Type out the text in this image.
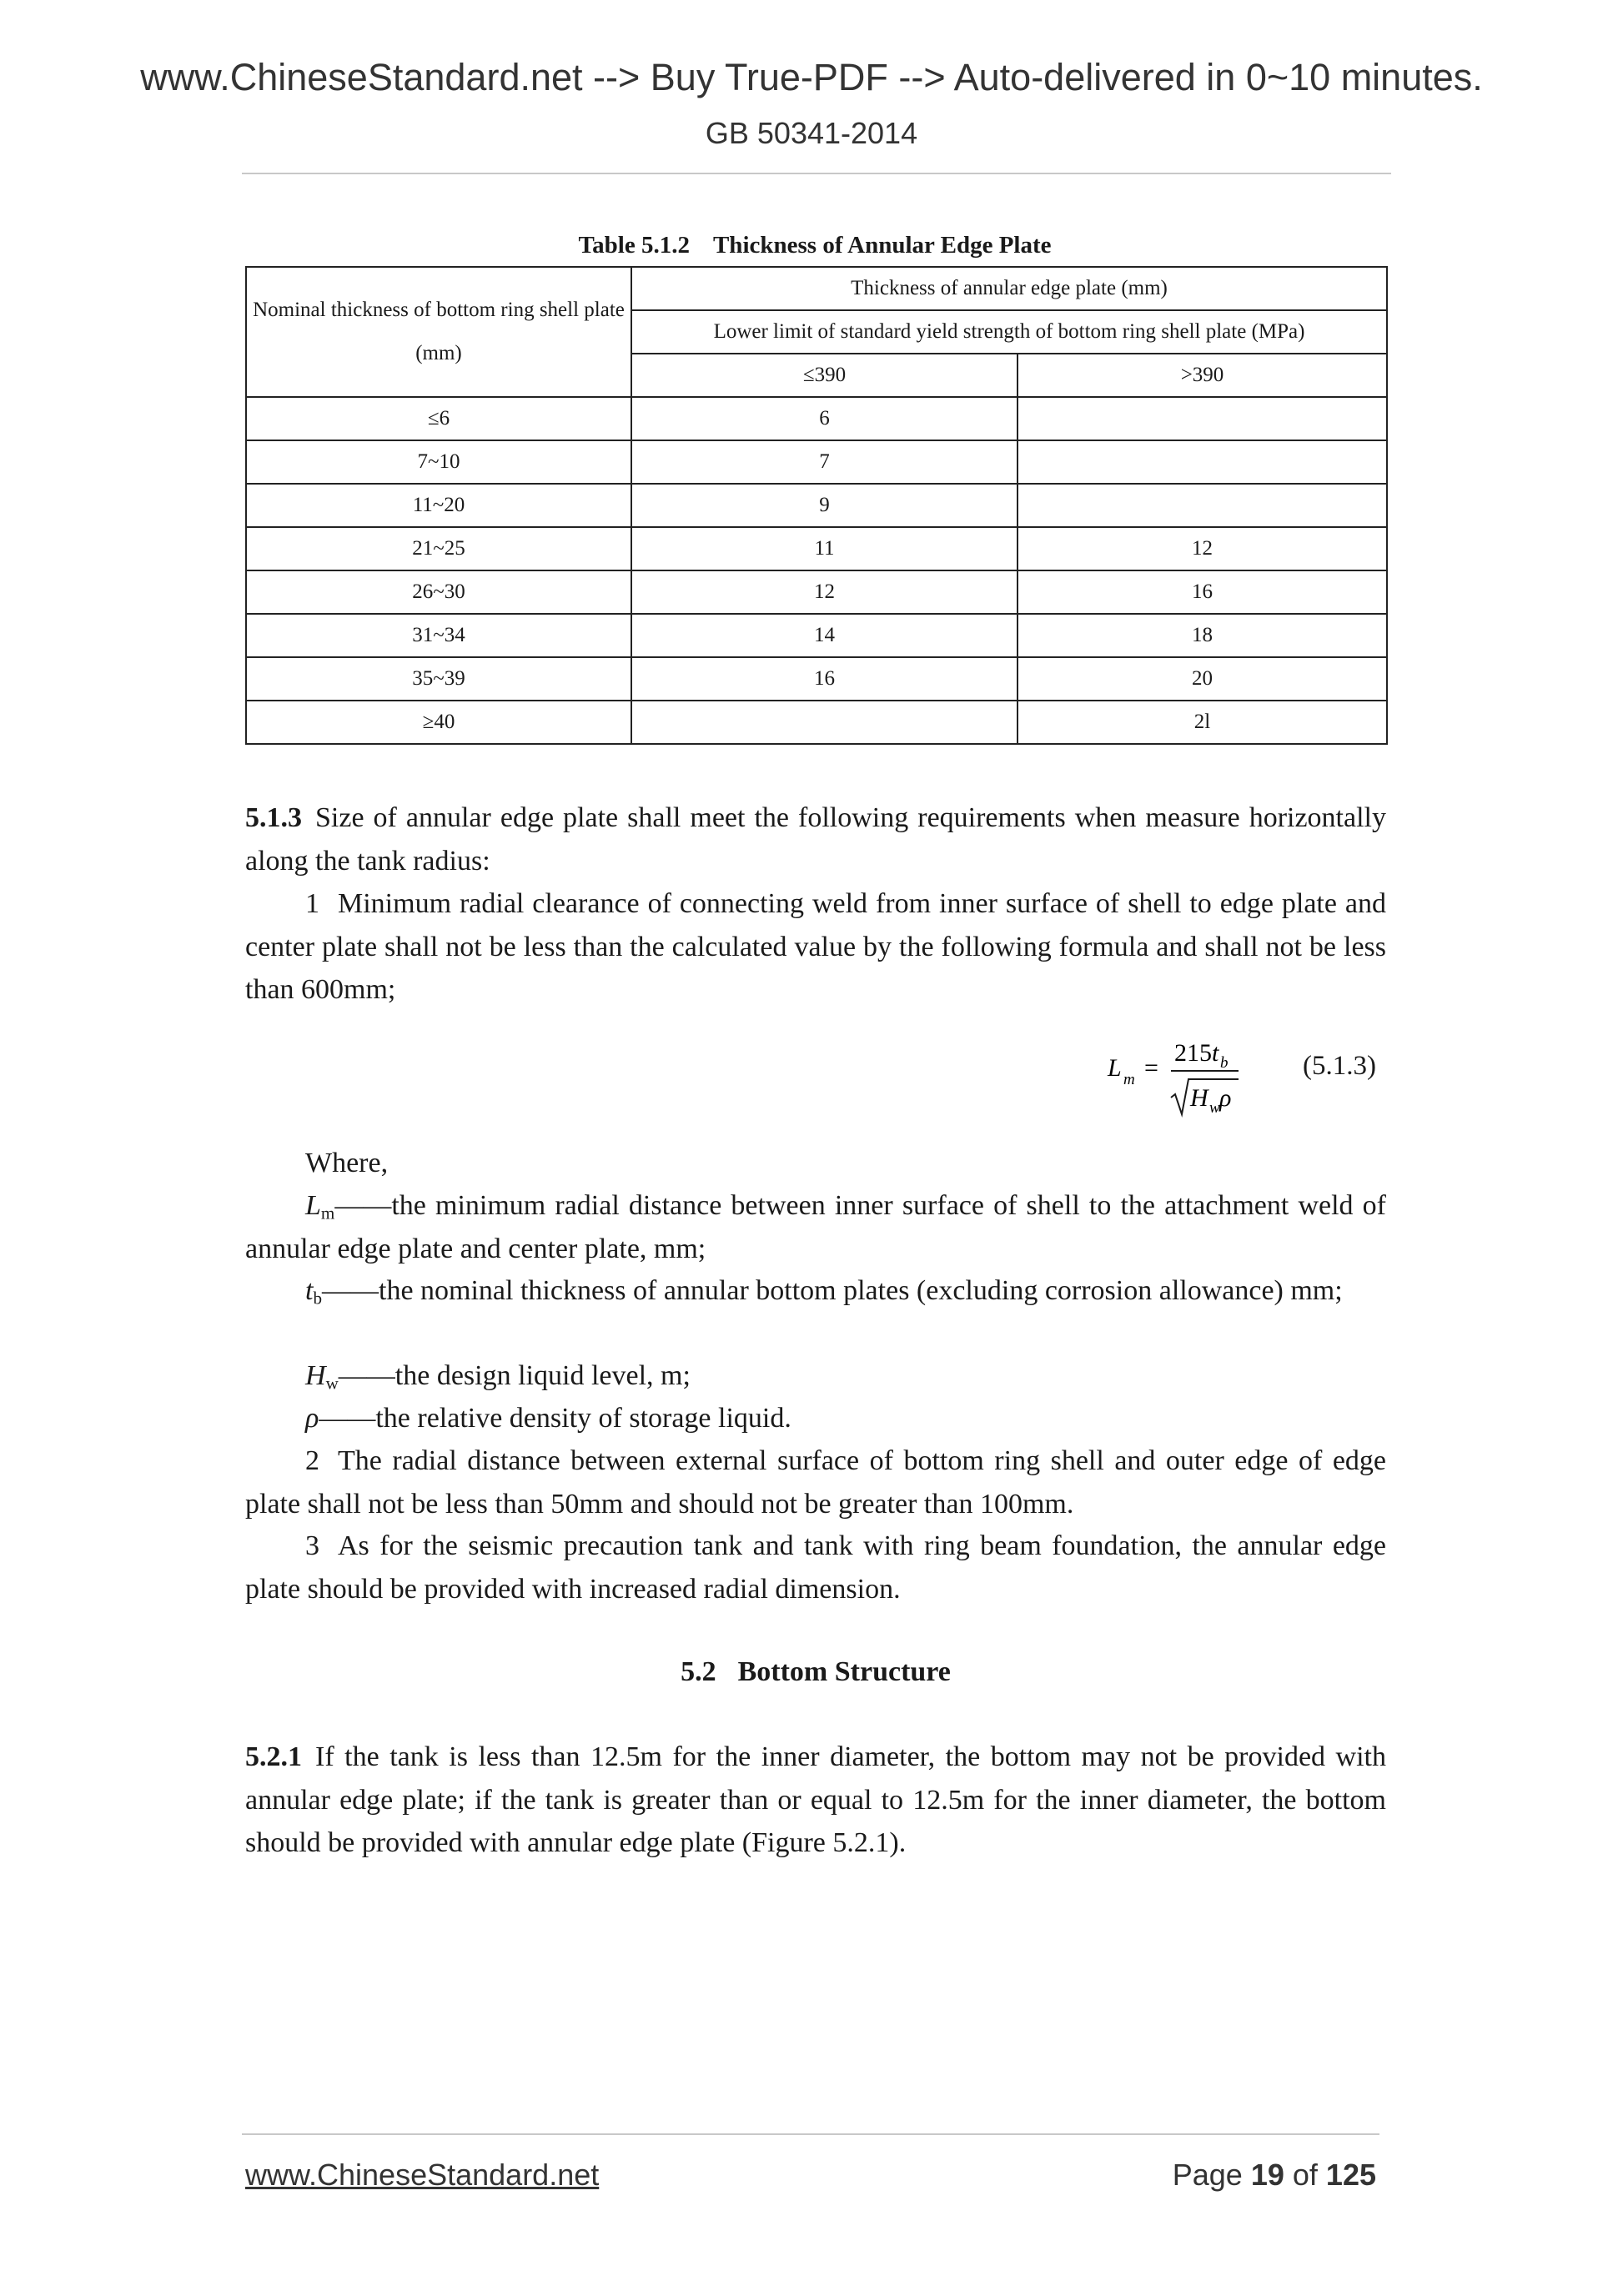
www.ChineseStandard.net --> Buy True-PDF --> Auto-delivered in 0~10 minutes.
GB 50341-2014
Table 5.1.2 Thickness of Annular Edge Plate
Nominal thickness of bottom ring shell plate (mm)	Thickness of annular edge plate (mm)	
	Lower limit of standard yield strength of bottom ring shell plate (MPa)	
	≤390	>390
≤6	6	
7~10	7	
11~20	9	
21~25	11	12
26~30	12	16
31~34	14	18
35~39	16	20
≥40		2l
5.1.3 Size of annular edge plate shall meet the following requirements when measure horizontally along the tank radius:
1 Minimum radial clearance of connecting weld from inner surface of shell to edge plate and center plate shall not be less than the calculated value by the following formula and shall not be less than 600mm;
L m =
215 t b
H w ρ
(5.1.3)
Where,
$L_m——the$ minimum radial distance between inner surface of shell to the attachment weld of annular edge plate and center plate, mm;
$t_b——the$ nominal thickness of annular bottom plates (excluding corrosion allowance) mm;
$H_w——the$ design liquid level, m;
ρ——the relative density of storage liquid.
2 The radial distance between external surface of bottom ring shell and outer edge of edge plate shall not be less than 50mm and should not be greater than 100mm.
3 As for the seismic precaution tank and tank with ring beam foundation, the annular edge plate should be provided with increased radial dimension.
5.2 Bottom Structure
5.2.1 If the tank is less than 12.5m for the inner diameter, the bottom may not be provided with annular edge plate; if the tank is greater than or equal to 12.5m for the inner diameter, the bottom should be provided with annular edge plate (Figure 5.2.1).
www.ChineseStandard.net	Page 19 of 125
